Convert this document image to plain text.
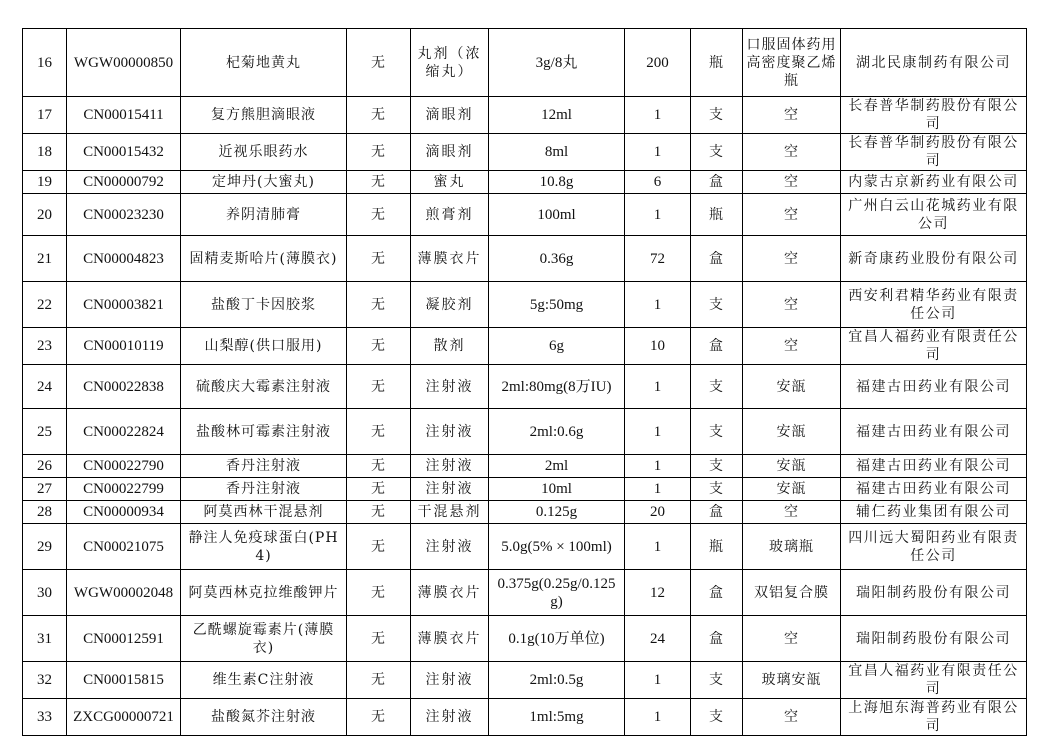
16	WGW00000850	杞菊地黄丸	无	丸剂（浓缩丸）	3g/8丸	200	瓶	口服固体药用高密度聚乙烯瓶	湖北民康制药有限公司
17	CN00015411	复方熊胆滴眼液	无	滴眼剂	12ml	1	支	空	长春普华制药股份有限公司
18	CN00015432	近视乐眼药水	无	滴眼剂	8ml	1	支	空	长春普华制药股份有限公司
19	CN00000792	定坤丹(大蜜丸)	无	蜜丸	10.8g	6	盒	空	内蒙古京新药业有限公司
20	CN00023230	养阴清肺膏	无	煎膏剂	100ml	1	瓶	空	广州白云山花城药业有限公司
21	CN00004823	固精麦斯哈片(薄膜衣)	无	薄膜衣片	0.36g	72	盒	空	新奇康药业股份有限公司
22	CN00003821	盐酸丁卡因胶浆	无	凝胶剂	5g:50mg	1	支	空	西安利君精华药业有限责任公司
23	CN00010119	山梨醇(供口服用)	无	散剂	6g	10	盒	空	宜昌人福药业有限责任公司
24	CN00022838	硫酸庆大霉素注射液	无	注射液	2ml:80mg(8万IU)	1	支	安瓿	福建古田药业有限公司
25	CN00022824	盐酸林可霉素注射液	无	注射液	2ml:0.6g	1	支	安瓿	福建古田药业有限公司
26	CN00022790	香丹注射液	无	注射液	2ml	1	支	安瓿	福建古田药业有限公司
27	CN00022799	香丹注射液	无	注射液	10ml	1	支	安瓿	福建古田药业有限公司
28	CN00000934	阿莫西林干混悬剂	无	干混悬剂	0.125g	20	盒	空	辅仁药业集团有限公司
29	CN00021075	静注人免疫球蛋白(PH4)	无	注射液	5.0g(5% × 100ml)	1	瓶	玻璃瓶	四川远大蜀阳药业有限责任公司
30	WGW00002048	阿莫西林克拉维酸钾片	无	薄膜衣片	0.375g(0.25g/0.125g)	12	盒	双铝复合膜	瑞阳制药股份有限公司
31	CN00012591	乙酰螺旋霉素片(薄膜衣)	无	薄膜衣片	0.1g(10万单位)	24	盒	空	瑞阳制药股份有限公司
32	CN00015815	维生素C注射液	无	注射液	2ml:0.5g	1	支	玻璃安瓿	宜昌人福药业有限责任公司
33	ZXCG00000721	盐酸氮芥注射液	无	注射液	1ml:5mg	1	支	空	上海旭东海普药业有限公司
